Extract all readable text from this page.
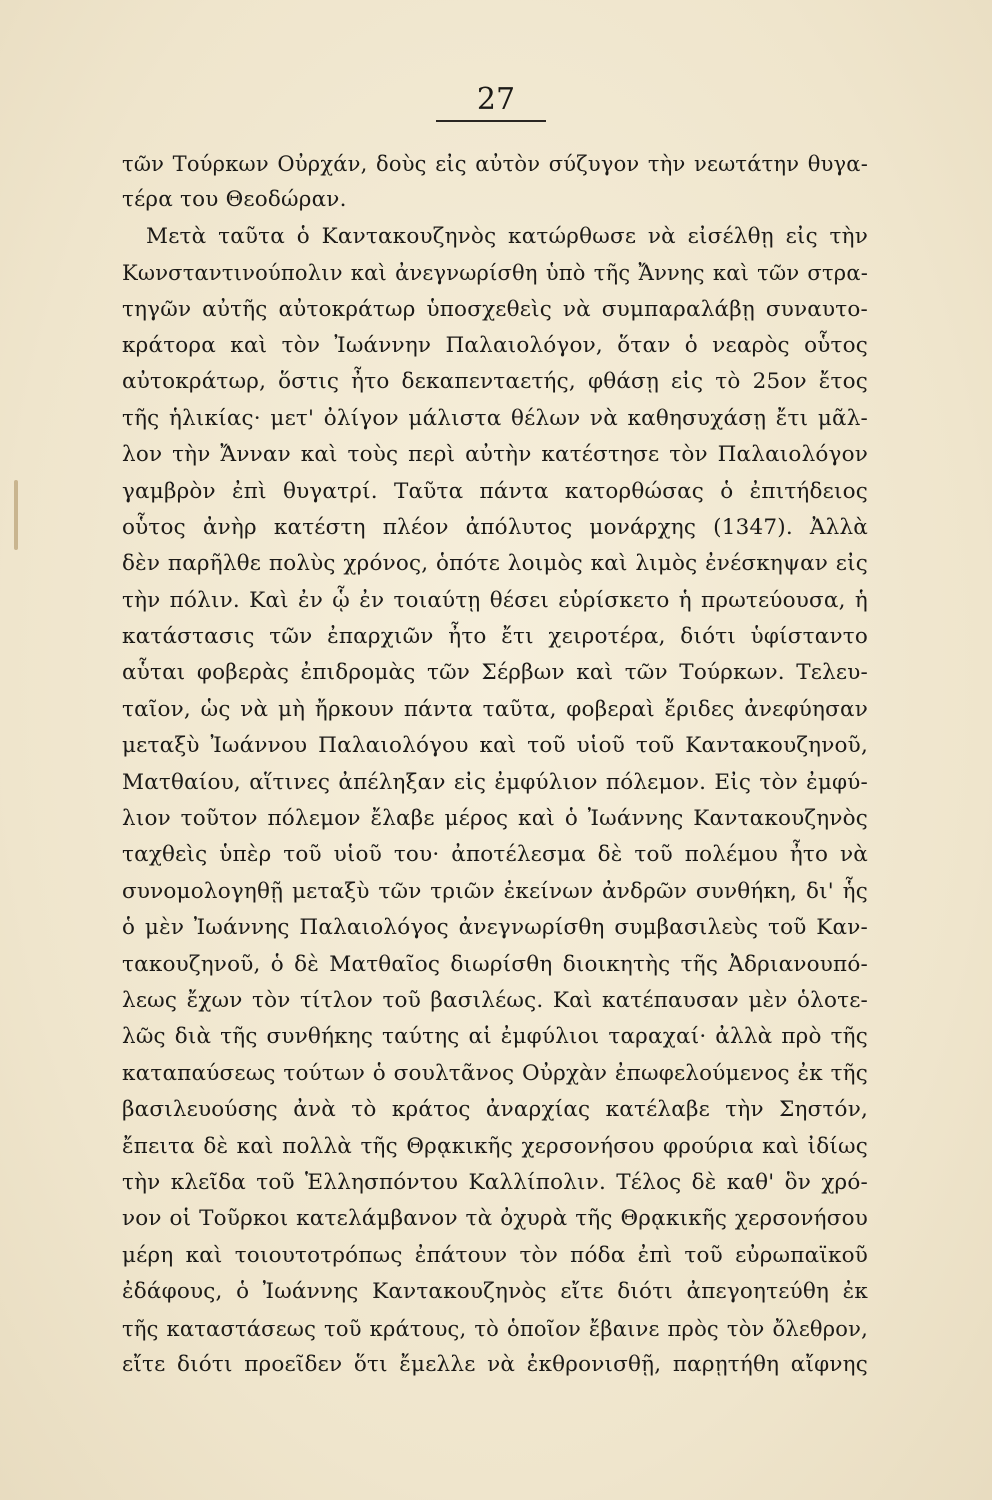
27
τῶν Τούρκων Οὐρχάν, δοὺς εἰς αὐτὸν σύζυγον τὴν νεωτάτην θυγα-
τέρα του Θεοδώραν.
Μετὰ ταῦτα ὁ Καντακουζηνὸς κατώρθωσε νὰ εἰσέλθῃ εἰς τὴν
Κωνσταντινούπολιν καὶ ἀνεγνωρίσθη ὑπὸ τῆς Ἄννης καὶ τῶν στρα-
τηγῶν αὐτῆς αὐτοκράτωρ ὑποσχεθεὶς νὰ συμπαραλάβῃ συναυτο-
κράτορα καὶ τὸν Ἰωάννην Παλαιολόγον, ὅταν ὁ νεαρὸς οὗτος
αὐτοκράτωρ, ὅστις ἦτο δεκαπενταετής, φθάσῃ εἰς τὸ 25ον ἔτος
τῆς ἡλικίας· μετ' ὀλίγον μάλιστα θέλων νὰ καθησυχάσῃ ἔτι μᾶλ-
λον τὴν Ἄνναν καὶ τοὺς περὶ αὐτὴν κατέστησε τὸν Παλαιολόγον
γαμβρὸν ἐπὶ θυγατρί. Ταῦτα πάντα κατορθώσας ὁ ἐπιτήδειος
οὗτος ἀνὴρ κατέστη πλέον ἀπόλυτος μονάρχης (1347). Ἀλλὰ
δὲν παρῆλθε πολὺς χρόνος, ὁπότε λοιμὸς καὶ λιμὸς ἐνέσκηψαν εἰς
τὴν πόλιν. Καὶ ἐν ᾧ ἐν τοιαύτῃ θέσει εὑρίσκετο ἡ πρωτεύουσα, ἡ
κατάστασις τῶν ἐπαρχιῶν ἦτο ἔτι χειροτέρα, διότι ὑφίσταντο
αὗται φοβερὰς ἐπιδρομὰς τῶν Σέρβων καὶ τῶν Τούρκων. Τελευ-
ταῖον, ὡς νὰ μὴ ἤρκουν πάντα ταῦτα, φοβεραὶ ἔριδες ἀνεφύησαν
μεταξὺ Ἰωάννου Παλαιολόγου καὶ τοῦ υἱοῦ τοῦ Καντακουζηνοῦ,
Ματθαίου, αἵτινες ἀπέληξαν εἰς ἐμφύλιον πόλεμον. Εἰς τὸν ἐμφύ-
λιον τοῦτον πόλεμον ἔλαβε μέρος καὶ ὁ Ἰωάννης Καντακουζηνὸς
ταχθεὶς ὑπὲρ τοῦ υἱοῦ του· ἀποτέλεσμα δὲ τοῦ πολέμου ἦτο νὰ
συνομολογηθῇ μεταξὺ τῶν τριῶν ἐκείνων ἀνδρῶν συνθήκη, δι' ἧς
ὁ μὲν Ἰωάννης Παλαιολόγος ἀνεγνωρίσθη συμβασιλεὺς τοῦ Καν-
τακουζηνοῦ, ὁ δὲ Ματθαῖος διωρίσθη διοικητὴς τῆς Ἀδριανουπό-
λεως ἔχων τὸν τίτλον τοῦ βασιλέως. Καὶ κατέπαυσαν μὲν ὁλοτε-
λῶς διὰ τῆς συνθήκης ταύτης αἱ ἐμφύλιοι ταραχαί· ἀλλὰ πρὸ τῆς
καταπαύσεως τούτων ὁ σουλτᾶνος Οὐρχὰν ἐπωφελούμενος ἐκ τῆς
βασιλευούσης ἀνὰ τὸ κράτος ἀναρχίας κατέλαβε τὴν Σηστόν,
ἔπειτα δὲ καὶ πολλὰ τῆς Θρᾳκικῆς χερσονήσου φρούρια καὶ ἰδίως
τὴν κλεῖδα τοῦ Ἑλλησπόντου Καλλίπολιν. Τέλος δὲ καθ' ὃν χρό-
νον οἱ Τοῦρκοι κατελάμβανον τὰ ὀχυρὰ τῆς Θρᾳκικῆς χερσονήσου
μέρη καὶ τοιουτοτρόπως ἐπάτουν τὸν πόδα ἐπὶ τοῦ εὐρωπαϊκοῦ
ἐδάφους, ὁ Ἰωάννης Καντακουζηνὸς εἴτε διότι ἀπεγοητεύθη ἐκ
τῆς καταστάσεως τοῦ κράτους, τὸ ὁποῖον ἔβαινε πρὸς τὸν ὄλεθρον,
εἴτε διότι προεῖδεν ὅτι ἔμελλε νὰ ἐκθρονισθῇ, παρῃτήθη αἴφνης
